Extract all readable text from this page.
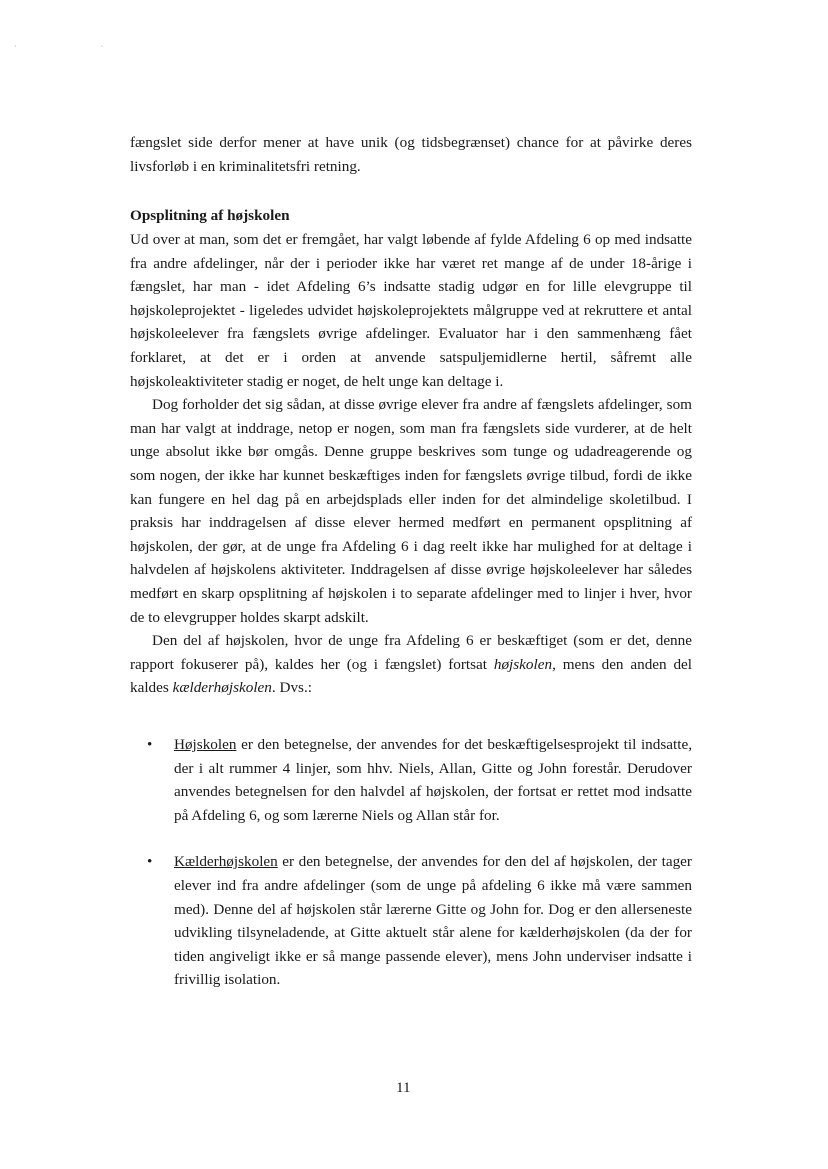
·                                          ·

fængslet side derfor mener at have unik (og tidsbegrænset) chance for at påvirke deres livsforløb i en kriminalitetsfri retning.

Opsplitning af højskolen

Ud over at man, som det er fremgået, har valgt løbende af fylde Afdeling 6 op med indsatte fra andre afdelinger, når der i perioder ikke har været ret mange af de under 18-årige i fængslet, har man - idet Afdeling 6’s indsatte stadig udgør en for lille elevgruppe til højskoleprojektet - ligeledes udvidet højskoleprojektets målgruppe ved at rekruttere et antal højskoleelever fra fængslets øvrige afdelinger. Evaluator har i den sammenhæng fået forklaret, at det er i orden at anvende satspuljemidlerne hertil, såfremt alle højskoleaktiviteter stadig er noget, de helt unge kan deltage i.

Dog forholder det sig sådan, at disse øvrige elever fra andre af fængslets afdelinger, som man har valgt at inddrage, netop er nogen, som man fra fængslets side vurderer, at de helt unge absolut ikke bør omgås. Denne gruppe beskrives som tunge og udadreagerende og som nogen, der ikke har kunnet beskæftiges inden for fængslets øvrige tilbud, fordi de ikke kan fungere en hel dag på en arbejdsplads eller inden for det almindelige skoletilbud. I praksis har inddragelsen af disse elever hermed medført en permanent opsplitning af højskolen, der gør, at de unge fra Afdeling 6 i dag reelt ikke har mulighed for at deltage i halvdelen af højskolens aktiviteter. Inddragelsen af disse øvrige højskoleelever har således medført en skarp opsplitning af højskolen i to separate afdelinger med to linjer i hver, hvor de to elevgrupper holdes skarpt adskilt.

Den del af højskolen, hvor de unge fra Afdeling 6 er beskæftiget (som er det, denne rapport fokuserer på), kaldes her (og i fængslet) fortsat højskolen, mens den anden del kaldes kælderhøjskolen. Dvs.:

• Højskolen er den betegnelse, der anvendes for det beskæftigelsesprojekt til indsatte, der i alt rummer 4 linjer, som hhv. Niels, Allan, Gitte og John forestår. Derudover anvendes betegnelsen for den halvdel af højskolen, der fortsat er rettet mod indsatte på Afdeling 6, og som lærerne Niels og Allan står for.

• Kælderhøjskolen er den betegnelse, der anvendes for den del af højskolen, der tager elever ind fra andre afdelinger (som de unge på afdeling 6 ikke må være sammen med). Denne del af højskolen står lærerne Gitte og John for. Dog er den allerseneste udvikling tilsyneladende, at Gitte aktuelt står alene for kælderhøjskolen (da der for tiden angiveligt ikke er så mange passende elever), mens John underviser indsatte i frivillig isolation.

11
